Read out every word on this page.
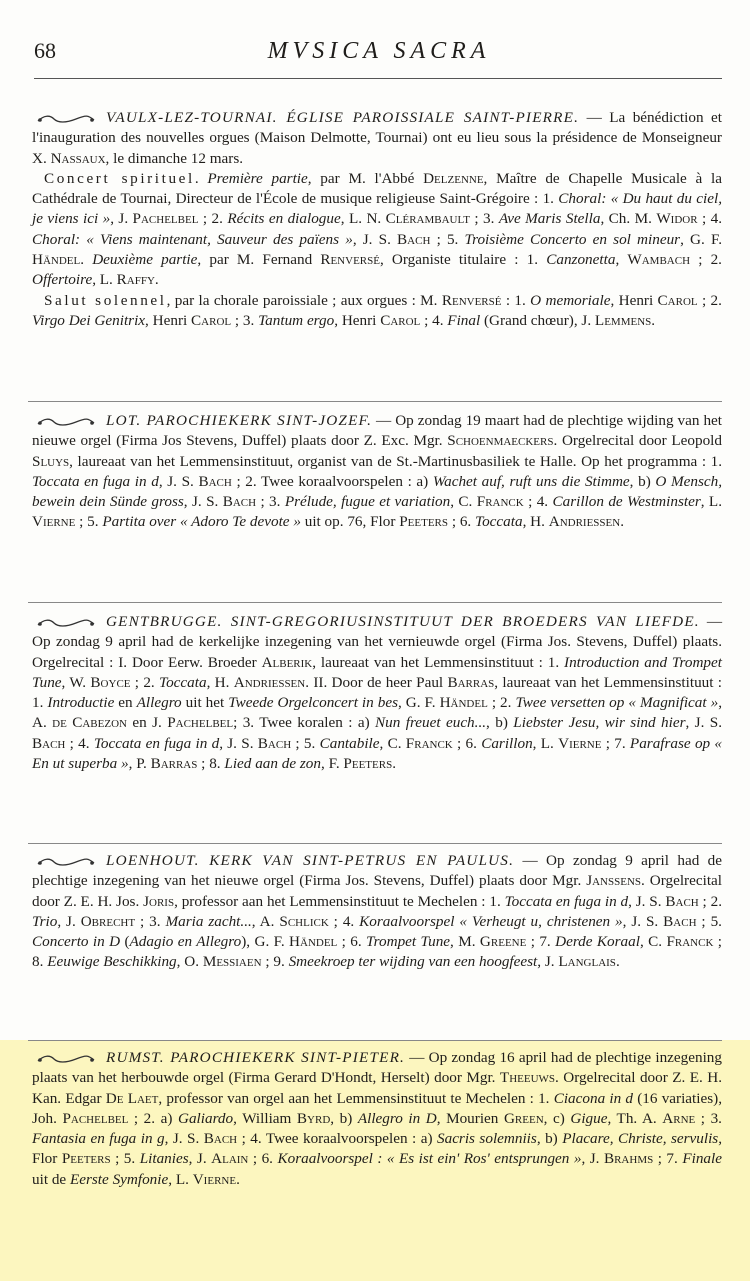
68	MVSICA SACRA

VAULX-LEZ-TOURNAI. ÉGLISE PAROISSIALE SAINT-PIERRE. — La bénédiction et l'inauguration des nouvelles orgues (Maison Delmotte, Tournai) ont eu lieu sous la présidence de Monseigneur X. Nassaux, le dimanche 12 mars.

Concert spirituel. Première partie, par M. l'Abbé Delzenne, Maître de Chapelle Musicale à la Cathédrale de Tournai, Directeur de l'École de musique religieuse Saint-Grégoire : 1. Choral: « Du haut du ciel, je viens ici », J. Pachelbel ; 2. Récits en dialogue, L. N. Clérambault ; 3. Ave Maris Stella, Ch. M. Widor ; 4. Choral: « Viens maintenant, Sauveur des païens », J. S. Bach ; 5. Troisième Concerto en sol mineur, G. F. Händel. Deuxième partie, par M. Fernand Renversé, Organiste titulaire : 1. Canzonetta, Wambach ; 2. Offertoire, L. Raffy.

Salut solennel, par la chorale paroissiale ; aux orgues : M. Renversé : 1. O memoriale, Henri Carol ; 2. Virgo Dei Genitrix, Henri Carol ; 3. Tantum ergo, Henri Carol ; 4. Final (Grand chœur), J. Lemmens.

LOT. PAROCHIEKERK SINT-JOZEF. — Op zondag 19 maart had de plechtige wijding van het nieuwe orgel (Firma Jos Stevens, Duffel) plaats door Z. Exc. Mgr. Schoenmaeckers. Orgelrecital door Leopold Sluys, laureaat van het Lemmensinstituut, organist van de St.-Martinusbasiliek te Halle. Op het programma : 1. Toccata en fuga in d, J. S. Bach ; 2. Twee koraalvoorspelen : a) Wachet auf, ruft uns die Stimme, b) O Mensch, bewein dein Sünde gross, J. S. Bach ; 3. Prélude, fugue et variation, C. Franck ; 4. Carillon de Westminster, L. Vierne ; 5. Partita over « Adoro Te devote » uit op. 76, Flor Peeters ; 6. Toccata, H. Andriessen.

GENTBRUGGE. SINT-GREGORIUSINSTITUUT DER BROEDERS VAN LIEFDE. — Op zondag 9 april had de kerkelijke inzegening van het vernieuwde orgel (Firma Jos. Stevens, Duffel) plaats. Orgelrecital : I. Door Eerw. Broeder Alberik, laureaat van het Lemmensinstituut : 1. Introduction and Trompet Tune, W. Boyce ; 2. Toccata, H. Andriessen. II. Door de heer Paul Barras, laureaat van het Lemmensinstituut : 1. Introductie en Allegro uit het Tweede Orgelconcert in bes, G. F. Händel ; 2. Twee versetten op « Magnificat », A. de Cabezon en J. Pachelbel; 3. Twee koralen : a) Nun freuet euch..., b) Liebster Jesu, wir sind hier, J. S. Bach ; 4. Toccata en fuga in d, J. S. Bach ; 5. Cantabile, C. Franck ; 6. Carillon, L. Vierne ; 7. Parafrase op « En ut superba », P. Barras ; 8. Lied aan de zon, F. Peeters.

LOENHOUT. KERK VAN SINT-PETRUS EN PAULUS. — Op zondag 9 april had de plechtige inzegening van het nieuwe orgel (Firma Jos. Stevens, Duffel) plaats door Mgr. Janssens. Orgelrecital door Z. E. H. Jos. Joris, professor aan het Lemmensinstituut te Mechelen : 1. Toccata en fuga in d, J. S. Bach ; 2. Trio, J. Obrecht ; 3. Maria zacht..., A. Schlick ; 4. Koraalvoorspel « Verheugt u, christenen », J. S. Bach ; 5. Concerto in D (Adagio en Allegro), G. F. Händel ; 6. Trompet Tune, M. Greene ; 7. Derde Koraal, C. Franck ; 8. Eeuwige Beschikking, O. Messiaen ; 9. Smeekroep ter wijding van een hoogfeest, J. Langlais.

RUMST. PAROCHIEKERK SINT-PIETER. — Op zondag 16 april had de plechtige inzegening plaats van het herbouwde orgel (Firma Gerard D'Hondt, Herselt) door Mgr. Theeuws. Orgelrecital door Z. E. H. Kan. Edgar De Laet, professor van orgel aan het Lemmensinstituut te Mechelen : 1. Ciacona in d (16 variaties), Joh. Pachelbel ; 2. a) Galiardo, William Byrd, b) Allegro in D, Mourien Green, c) Gigue, Th. A. Arne ; 3. Fantasia en fuga in g, J. S. Bach ; 4. Twee koraalvoorspelen : a) Sacris solemniis, b) Placare, Christe, servulis, Flor Peeters ; 5. Litanies, J. Alain ; 6. Koraalvoorspel : « Es ist ein' Ros' entsprungen », J. Brahms ; 7. Finale uit de Eerste Symfonie, L. Vierne.
